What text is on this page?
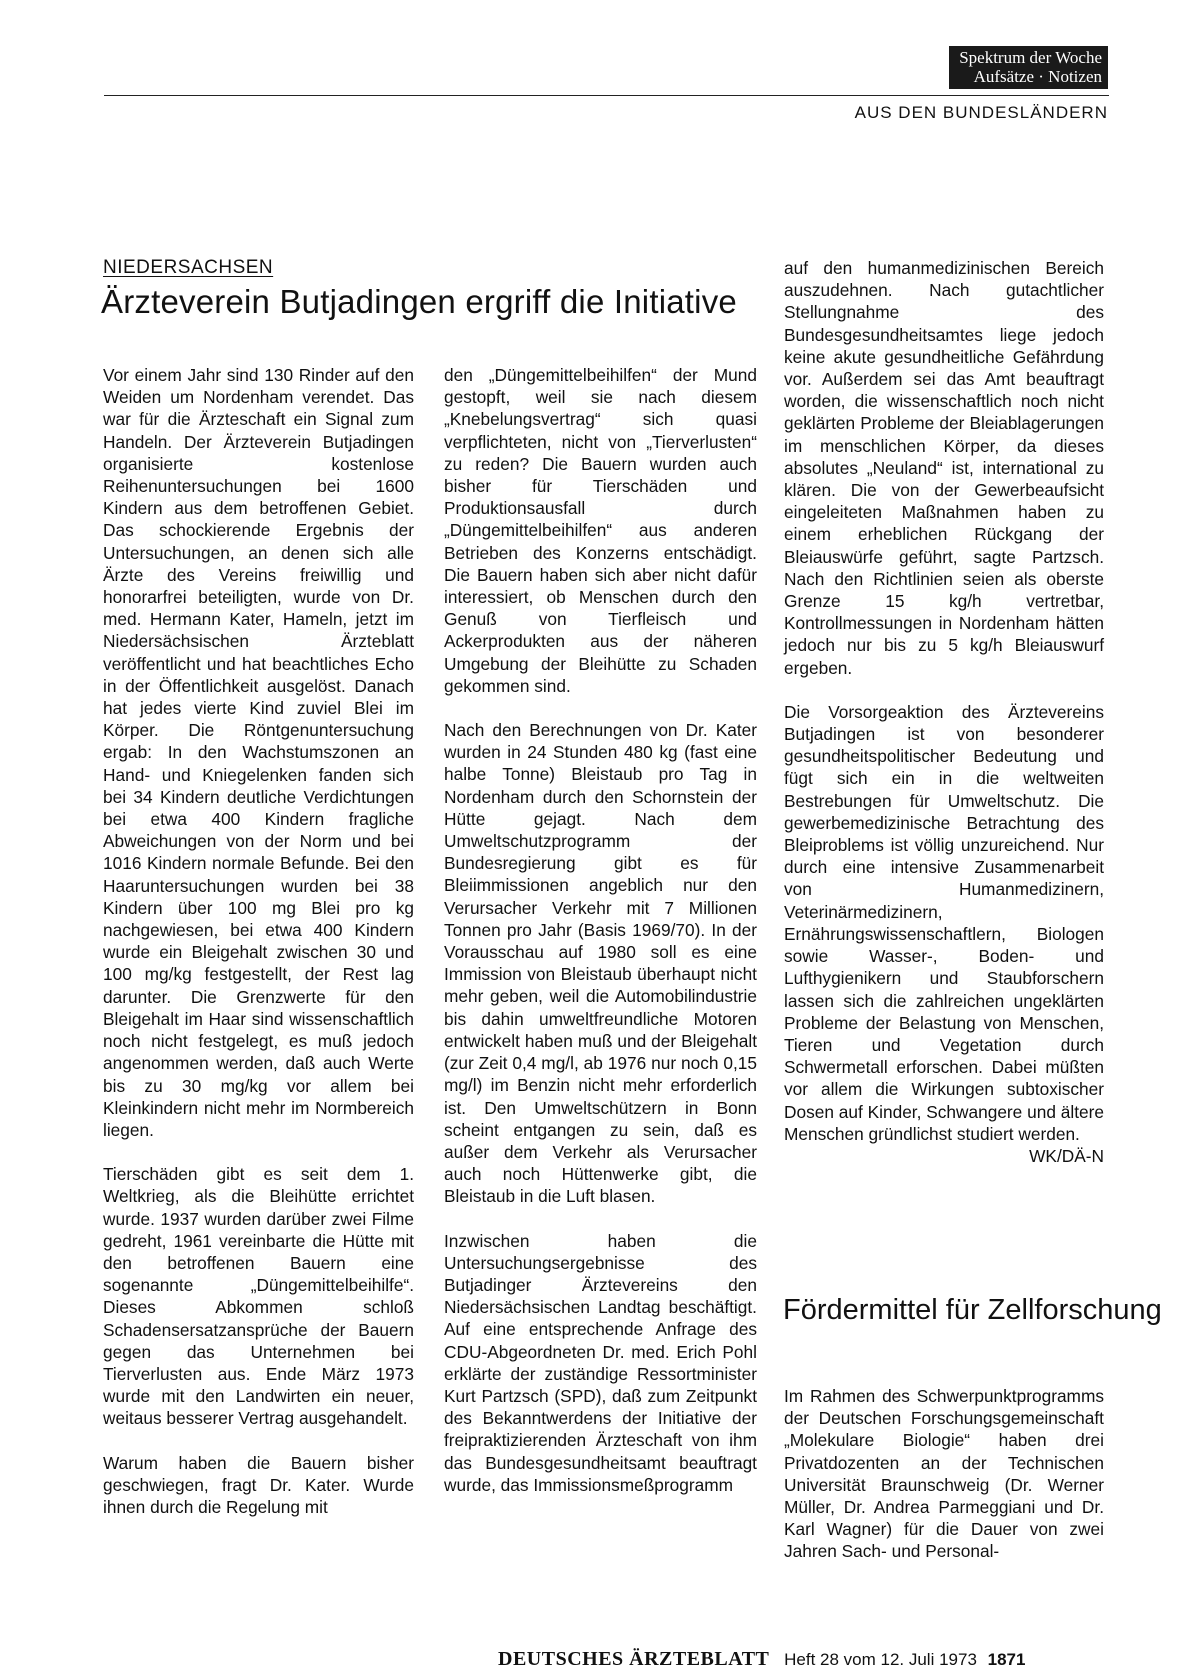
Spektrum der Woche
Aufsätze · Notizen
AUS DEN BUNDESLÄNDERN
NIEDERSACHSEN
Ärzteverein Butjadingen ergriff die Initiative

Vor einem Jahr sind 130 Rinder auf den Weiden um Nordenham verendet. Das war für die Ärzteschaft ein Signal zum Handeln. Der Ärzteverein Butjadingen organisierte kostenlose Reihenuntersuchungen bei 1600 Kindern aus dem betroffenen Gebiet. Das schockierende Ergebnis der Untersuchungen, an denen sich alle Ärzte des Vereins freiwillig und honorarfrei beteiligten, wurde von Dr. med. Hermann Kater, Hameln, jetzt im Niedersächsischen Ärzteblatt veröffentlicht und hat beachtliches Echo in der Öffentlichkeit ausgelöst. Danach hat jedes vierte Kind zuviel Blei im Körper. Die Röntgenuntersuchung ergab: In den Wachstumszonen an Hand- und Kniegelenken fanden sich bei 34 Kindern deutliche Verdichtungen bei etwa 400 Kindern fragliche Abweichungen von der Norm und bei 1016 Kindern normale Befunde. Bei den Haaruntersuchungen wurden bei 38 Kindern über 100 mg Blei pro kg nachgewiesen, bei etwa 400 Kindern wurde ein Bleigehalt zwischen 30 und 100 mg/kg festgestellt, der Rest lag darunter. Die Grenzwerte für den Bleigehalt im Haar sind wissenschaftlich noch nicht festgelegt, es muß jedoch angenommen werden, daß auch Werte bis zu 30 mg/kg vor allem bei Kleinkindern nicht mehr im Normbereich liegen.

Tierschäden gibt es seit dem 1. Weltkrieg, als die Bleihütte errichtet wurde. 1937 wurden darüber zwei Filme gedreht, 1961 vereinbarte die Hütte mit den betroffenen Bauern eine sogenannte „Düngemittelbeihilfe“. Dieses Abkommen schloß Schadensersatzansprüche der Bauern gegen das Unternehmen bei Tierverlusten aus. Ende März 1973 wurde mit den Landwirten ein neuer, weitaus besserer Vertrag ausgehandelt.

Warum haben die Bauern bisher geschwiegen, fragt Dr. Kater. Wurde ihnen durch die Regelung mit

den „Düngemittelbeihilfen“ der Mund gestopft, weil sie nach diesem „Knebelungsvertrag“ sich quasi verpflichteten, nicht von „Tierverlusten“ zu reden? Die Bauern wurden auch bisher für Tierschäden und Produktionsausfall durch „Düngemittelbeihilfen“ aus anderen Betrieben des Konzerns entschädigt. Die Bauern haben sich aber nicht dafür interessiert, ob Menschen durch den Genuß von Tierfleisch und Ackerprodukten aus der näheren Umgebung der Bleihütte zu Schaden gekommen sind.

Nach den Berechnungen von Dr. Kater wurden in 24 Stunden 480 kg (fast eine halbe Tonne) Bleistaub pro Tag in Nordenham durch den Schornstein der Hütte gejagt. Nach dem Umweltschutzprogramm der Bundesregierung gibt es für Bleiimmissionen angeblich nur den Verursacher Verkehr mit 7 Millionen Tonnen pro Jahr (Basis 1969/70). In der Vorausschau auf 1980 soll es eine Immission von Bleistaub überhaupt nicht mehr geben, weil die Automobilindustrie bis dahin umweltfreundliche Motoren entwickelt haben muß und der Bleigehalt (zur Zeit 0,4 mg/l, ab 1976 nur noch 0,15 mg/l) im Benzin nicht mehr erforderlich ist. Den Umweltschützern in Bonn scheint entgangen zu sein, daß es außer dem Verkehr als Verursacher auch noch Hüttenwerke gibt, die Bleistaub in die Luft blasen.

Inzwischen haben die Untersuchungsergebnisse des Butjadinger Ärztevereins den Niedersächsischen Landtag beschäftigt. Auf eine entsprechende Anfrage des CDU-Abgeordneten Dr. med. Erich Pohl erklärte der zuständige Ressortminister Kurt Partzsch (SPD), daß zum Zeitpunkt des Bekanntwerdens der Initiative der freipraktizierenden Ärzteschaft von ihm das Bundesgesundheitsamt beauftragt wurde, das Immissionsmeßprogramm

auf den humanmedizinischen Bereich auszudehnen. Nach gutachtlicher Stellungnahme des Bundesgesundheitsamtes liege jedoch keine akute gesundheitliche Gefährdung vor. Außerdem sei das Amt beauftragt worden, die wissenschaftlich noch nicht geklärten Probleme der Bleiablagerungen im menschlichen Körper, da dieses absolutes „Neuland“ ist, international zu klären. Die von der Gewerbeaufsicht eingeleiteten Maßnahmen haben zu einem erheblichen Rückgang der Bleiauswürfe geführt, sagte Partzsch. Nach den Richtlinien seien als oberste Grenze 15 kg/h vertretbar, Kontrollmessungen in Nordenham hätten jedoch nur bis zu 5 kg/h Bleiauswurf ergeben.

Die Vorsorgeaktion des Ärztevereins Butjadingen ist von besonderer gesundheitspolitischer Bedeutung und fügt sich ein in die weltweiten Bestrebungen für Umweltschutz. Die gewerbemedizinische Betrachtung des Bleiproblems ist völlig unzureichend. Nur durch eine intensive Zusammenarbeit von Humanmedizinern, Veterinärmedizinern, Ernährungswissenschaftlern, Biologen sowie Wasser-, Boden- und Lufthygienikern und Staubforschern lassen sich die zahlreichen ungeklärten Probleme der Belastung von Menschen, Tieren und Vegetation durch Schwermetall erforschen. Dabei müßten vor allem die Wirkungen subtoxischer Dosen auf Kinder, Schwangere und ältere Menschen gründlichst studiert werden.
WK/DÄ-N

Fördermittel für Zellforschung

Im Rahmen des Schwerpunktprogramms der Deutschen Forschungsgemeinschaft „Molekulare Biologie“ haben drei Privatdozenten an der Technischen Universität Braunschweig (Dr. Werner Müller, Dr. Andrea Parmeggiani und Dr. Karl Wagner) für die Dauer von zwei Jahren Sach- und Personal-

DEUTSCHES ÄRZTEBLATT Heft 28 vom 12. Juli 1973 1871
